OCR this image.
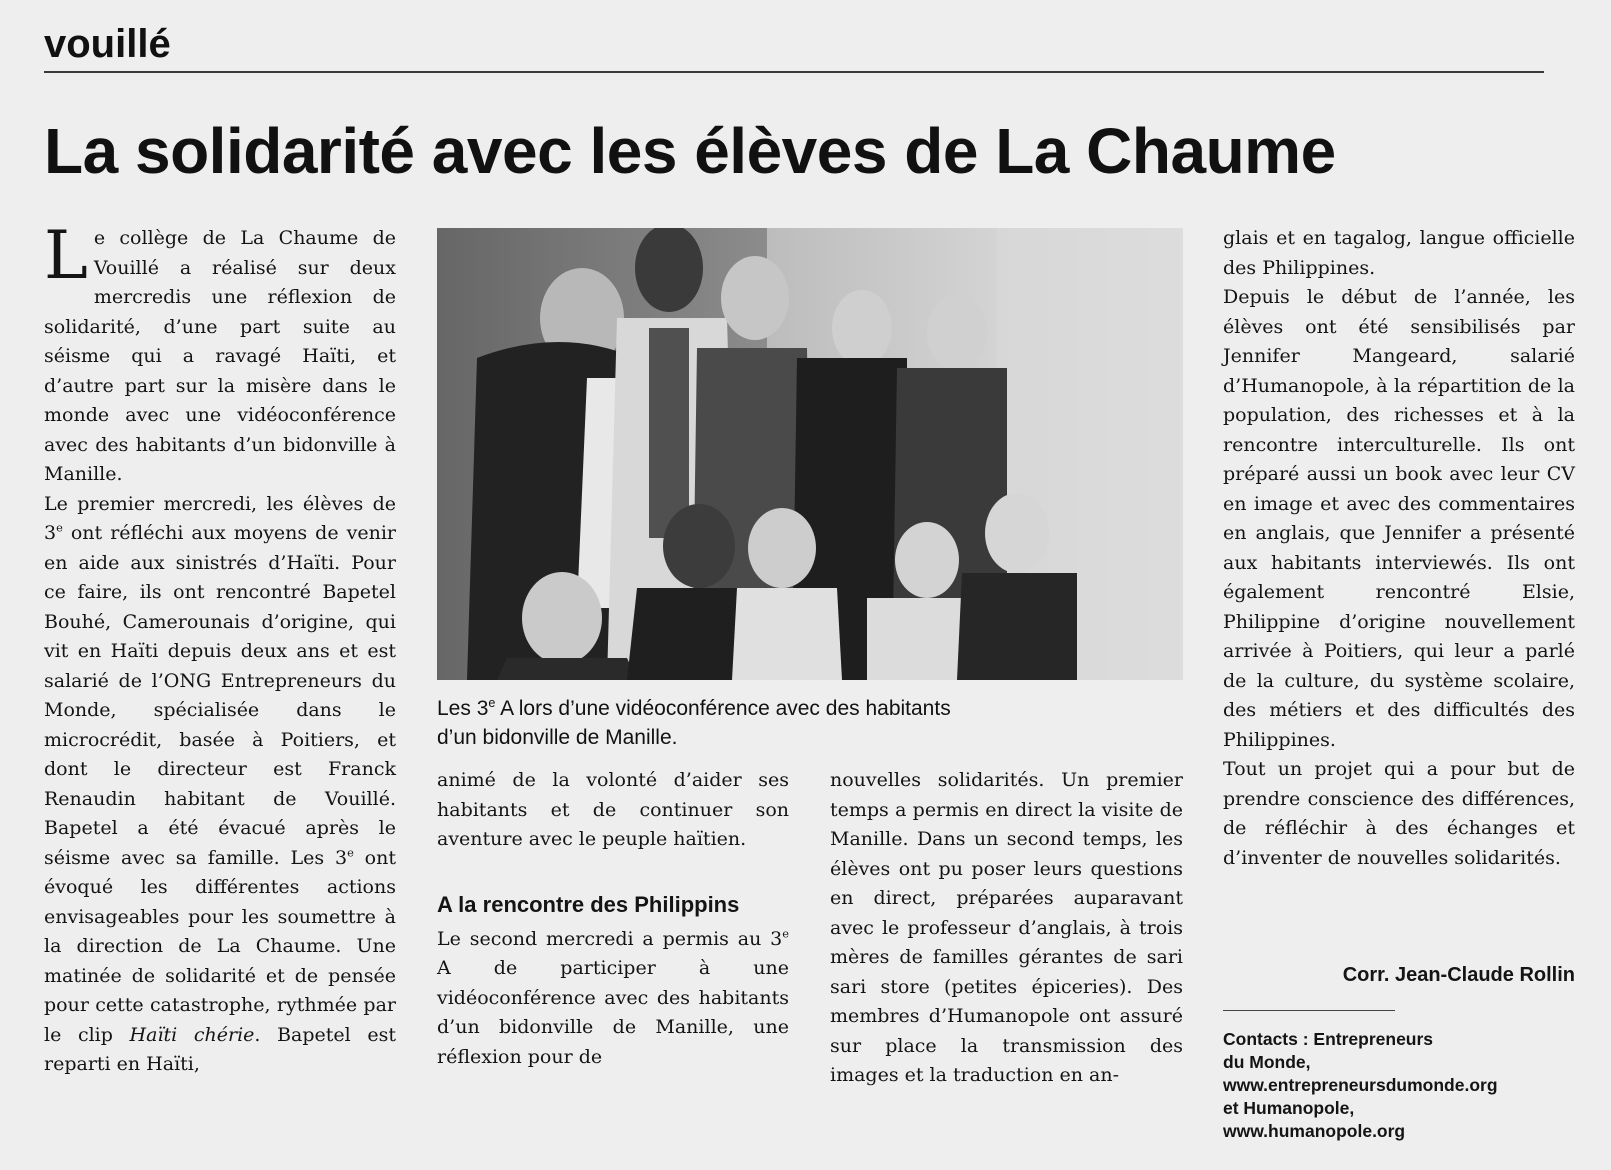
vouillé
La solidarité avec les élèves de La Chaume

Le collège de La Chaume de Vouillé a réalisé sur deux mercredis une réflexion de solidarité, d’une part suite au séisme qui a ravagé Haïti, et d’autre part sur la misère dans le monde avec une vidéoconférence avec des habitants d’un bidonville à Manille.

Le premier mercredi, les élèves de 3e ont réfléchi aux moyens de venir en aide aux sinistrés d’Haïti. Pour ce faire, ils ont rencontré Bapetel Bouhé, Camerounais d’origine, qui vit en Haïti depuis deux ans et est salarié de l’ONG Entrepreneurs du Monde, spécialisée dans le microcrédit, basée à Poitiers, et dont le directeur est Franck Renaudin habitant de Vouillé. Bapetel a été évacué après le séisme avec sa famille. Les 3e ont évoqué les différentes actions envisageables pour les soumettre à la direction de La Chaume. Une matinée de solidarité et de pensée pour cette catastrophe, rythmée par le clip Haïti chérie. Bapetel est reparti en Haïti,

Les 3e A lors d’une vidéoconférence avec des habitants
d’un bidonville de Manille.

animé de la volonté d’aider ses habitants et de continuer son aventure avec le peuple haïtien.

A la rencontre des Philippins

Le second mercredi a permis au 3e A de participer à une vidéoconférence avec des habitants d’un bidonville de Manille, une réflexion pour de

nouvelles solidarités. Un premier temps a permis en direct la visite de Manille. Dans un second temps, les élèves ont pu poser leurs questions en direct, préparées auparavant avec le professeur d’anglais, à trois mères de familles gérantes de sari sari store (petites épiceries). Des membres d’Humanopole ont assuré sur place la transmission des images et la traduction en an-

glais et en tagalog, langue officielle des Philippines.

Depuis le début de l’année, les élèves ont été sensibilisés par Jennifer Mangeard, salarié d’Humanopole, à la répartition de la population, des richesses et à la rencontre interculturelle. Ils ont préparé aussi un book avec leur CV en image et avec des commentaires en anglais, que Jennifer a présenté aux habitants interviewés. Ils ont également rencontré Elsie, Philippine d’origine nouvellement arrivée à Poitiers, qui leur a parlé de la culture, du système scolaire, des métiers et des difficultés des Philippines.

Tout un projet qui a pour but de prendre conscience des différences, de réfléchir à des échanges et d’inventer de nouvelles solidarités.

Corr. Jean-Claude Rollin
Contacts : Entrepreneurs
du Monde,
www.entrepreneursdumonde.org
et Humanopole,
www.humanopole.org
